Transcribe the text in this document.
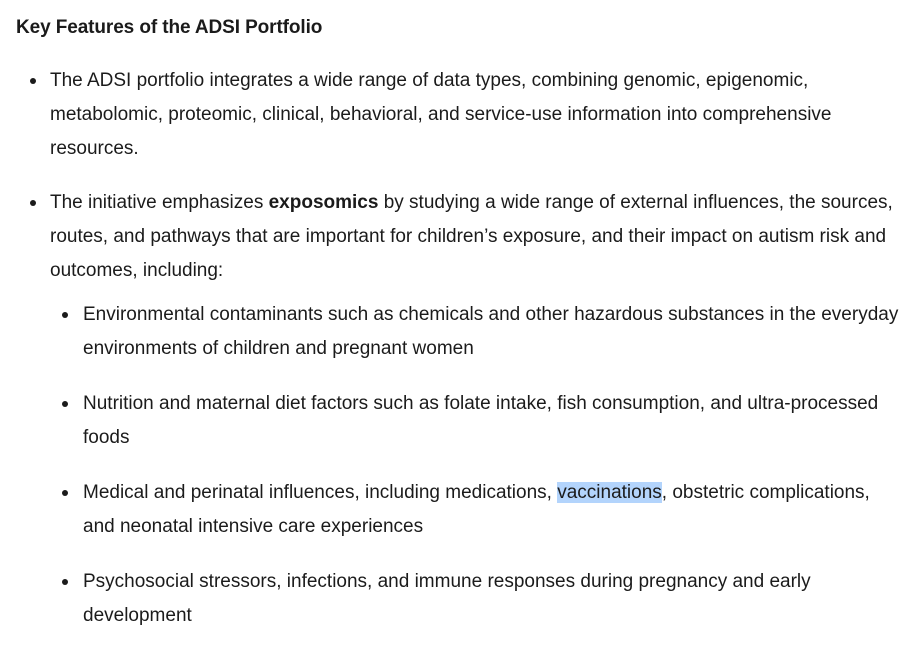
Key Features of the ADSI Portfolio
The ADSI portfolio integrates a wide range of data types, combining genomic, epigenomic, metabolomic, proteomic, clinical, behavioral, and service-use information into comprehensive resources.
The initiative emphasizes exposomics by studying a wide range of external influences, the sources, routes, and pathways that are important for children’s exposure, and their impact on autism risk and outcomes, including:
Environmental contaminants such as chemicals and other hazardous substances in the everyday environments of children and pregnant women
Nutrition and maternal diet factors such as folate intake, fish consumption, and ultra-processed foods
Medical and perinatal influences, including medications, vaccinations, obstetric complications, and neonatal intensive care experiences
Psychosocial stressors, infections, and immune responses during pregnancy and early development
